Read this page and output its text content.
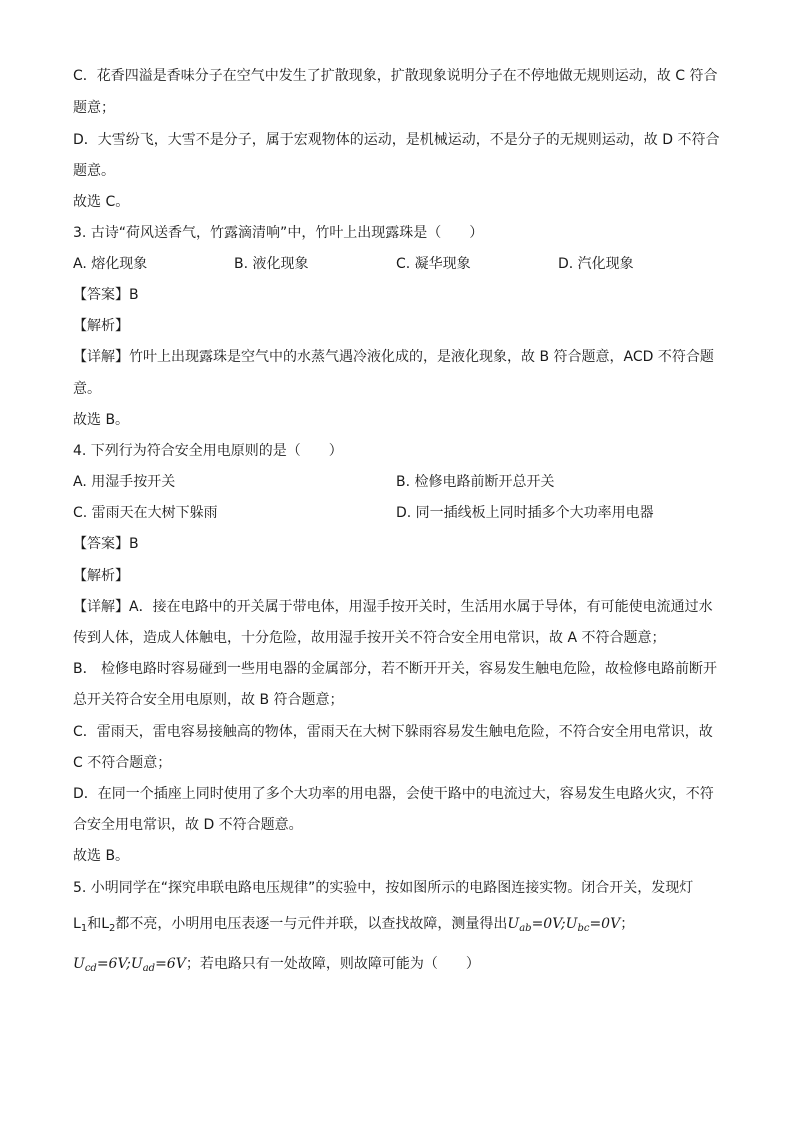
C．花香四溢是香味分子在空气中发生了扩散现象，扩散现象说明分子在不停地做无规则运动，故 C 符合
题意；
D．大雪纷飞，大雪不是分子，属于宏观物体的运动，是机械运动，不是分子的无规则运动，故 D 不符合
题意。
故选 C。
3. 古诗“荷风送香气，竹露滴清响”中，竹叶上出现露珠是（　　）
A. 熔化现象	B. 液化现象	C. 凝华现象	D. 汽化现象
【答案】B
【解析】
【详解】竹叶上出现露珠是空气中的水蒸气遇冷液化成的，是液化现象，故 B 符合题意，ACD 不符合题
意。
故选 B。
4. 下列行为符合安全用电原则的是（　　）
A. 用湿手按开关	B. 检修电路前断开总开关
C. 雷雨天在大树下躲雨	D. 同一插线板上同时插多个大功率用电器
【答案】B
【解析】
【详解】A．接在电路中的开关属于带电体，用湿手按开关时，生活用水属于导体，有可能使电流通过水
传到人体，造成人体触电，十分危险，故用湿手按开关不符合安全用电常识，故 A 不符合题意；
B． 检修电路时容易碰到一些用电器的金属部分，若不断开开关，容易发生触电危险，故检修电路前断开
总开关符合安全用电原则，故 B 符合题意；
C．雷雨天，雷电容易接触高的物体，雷雨天在大树下躲雨容易发生触电危险，不符合安全用电常识，故
C 不符合题意；
D．在同一个插座上同时使用了多个大功率的用电器，会使干路中的电流过大，容易发生电路火灾，不符
合安全用电常识，故 D 不符合题意。
故选 B。
5. 小明同学在“探究串联电路电压规律”的实验中，按如图所示的电路图连接实物。闭合开关，发现灯
$L_1$和$L_2$都不亮，小明用电压表逐一与元件并联，以查找故障，测量得出$U_{ab}=0V;U_{bc}=0V$；
$U_{cd}=6V;U_{ad}=6V$；若电路只有一处故障，则故障可能为（　　）
